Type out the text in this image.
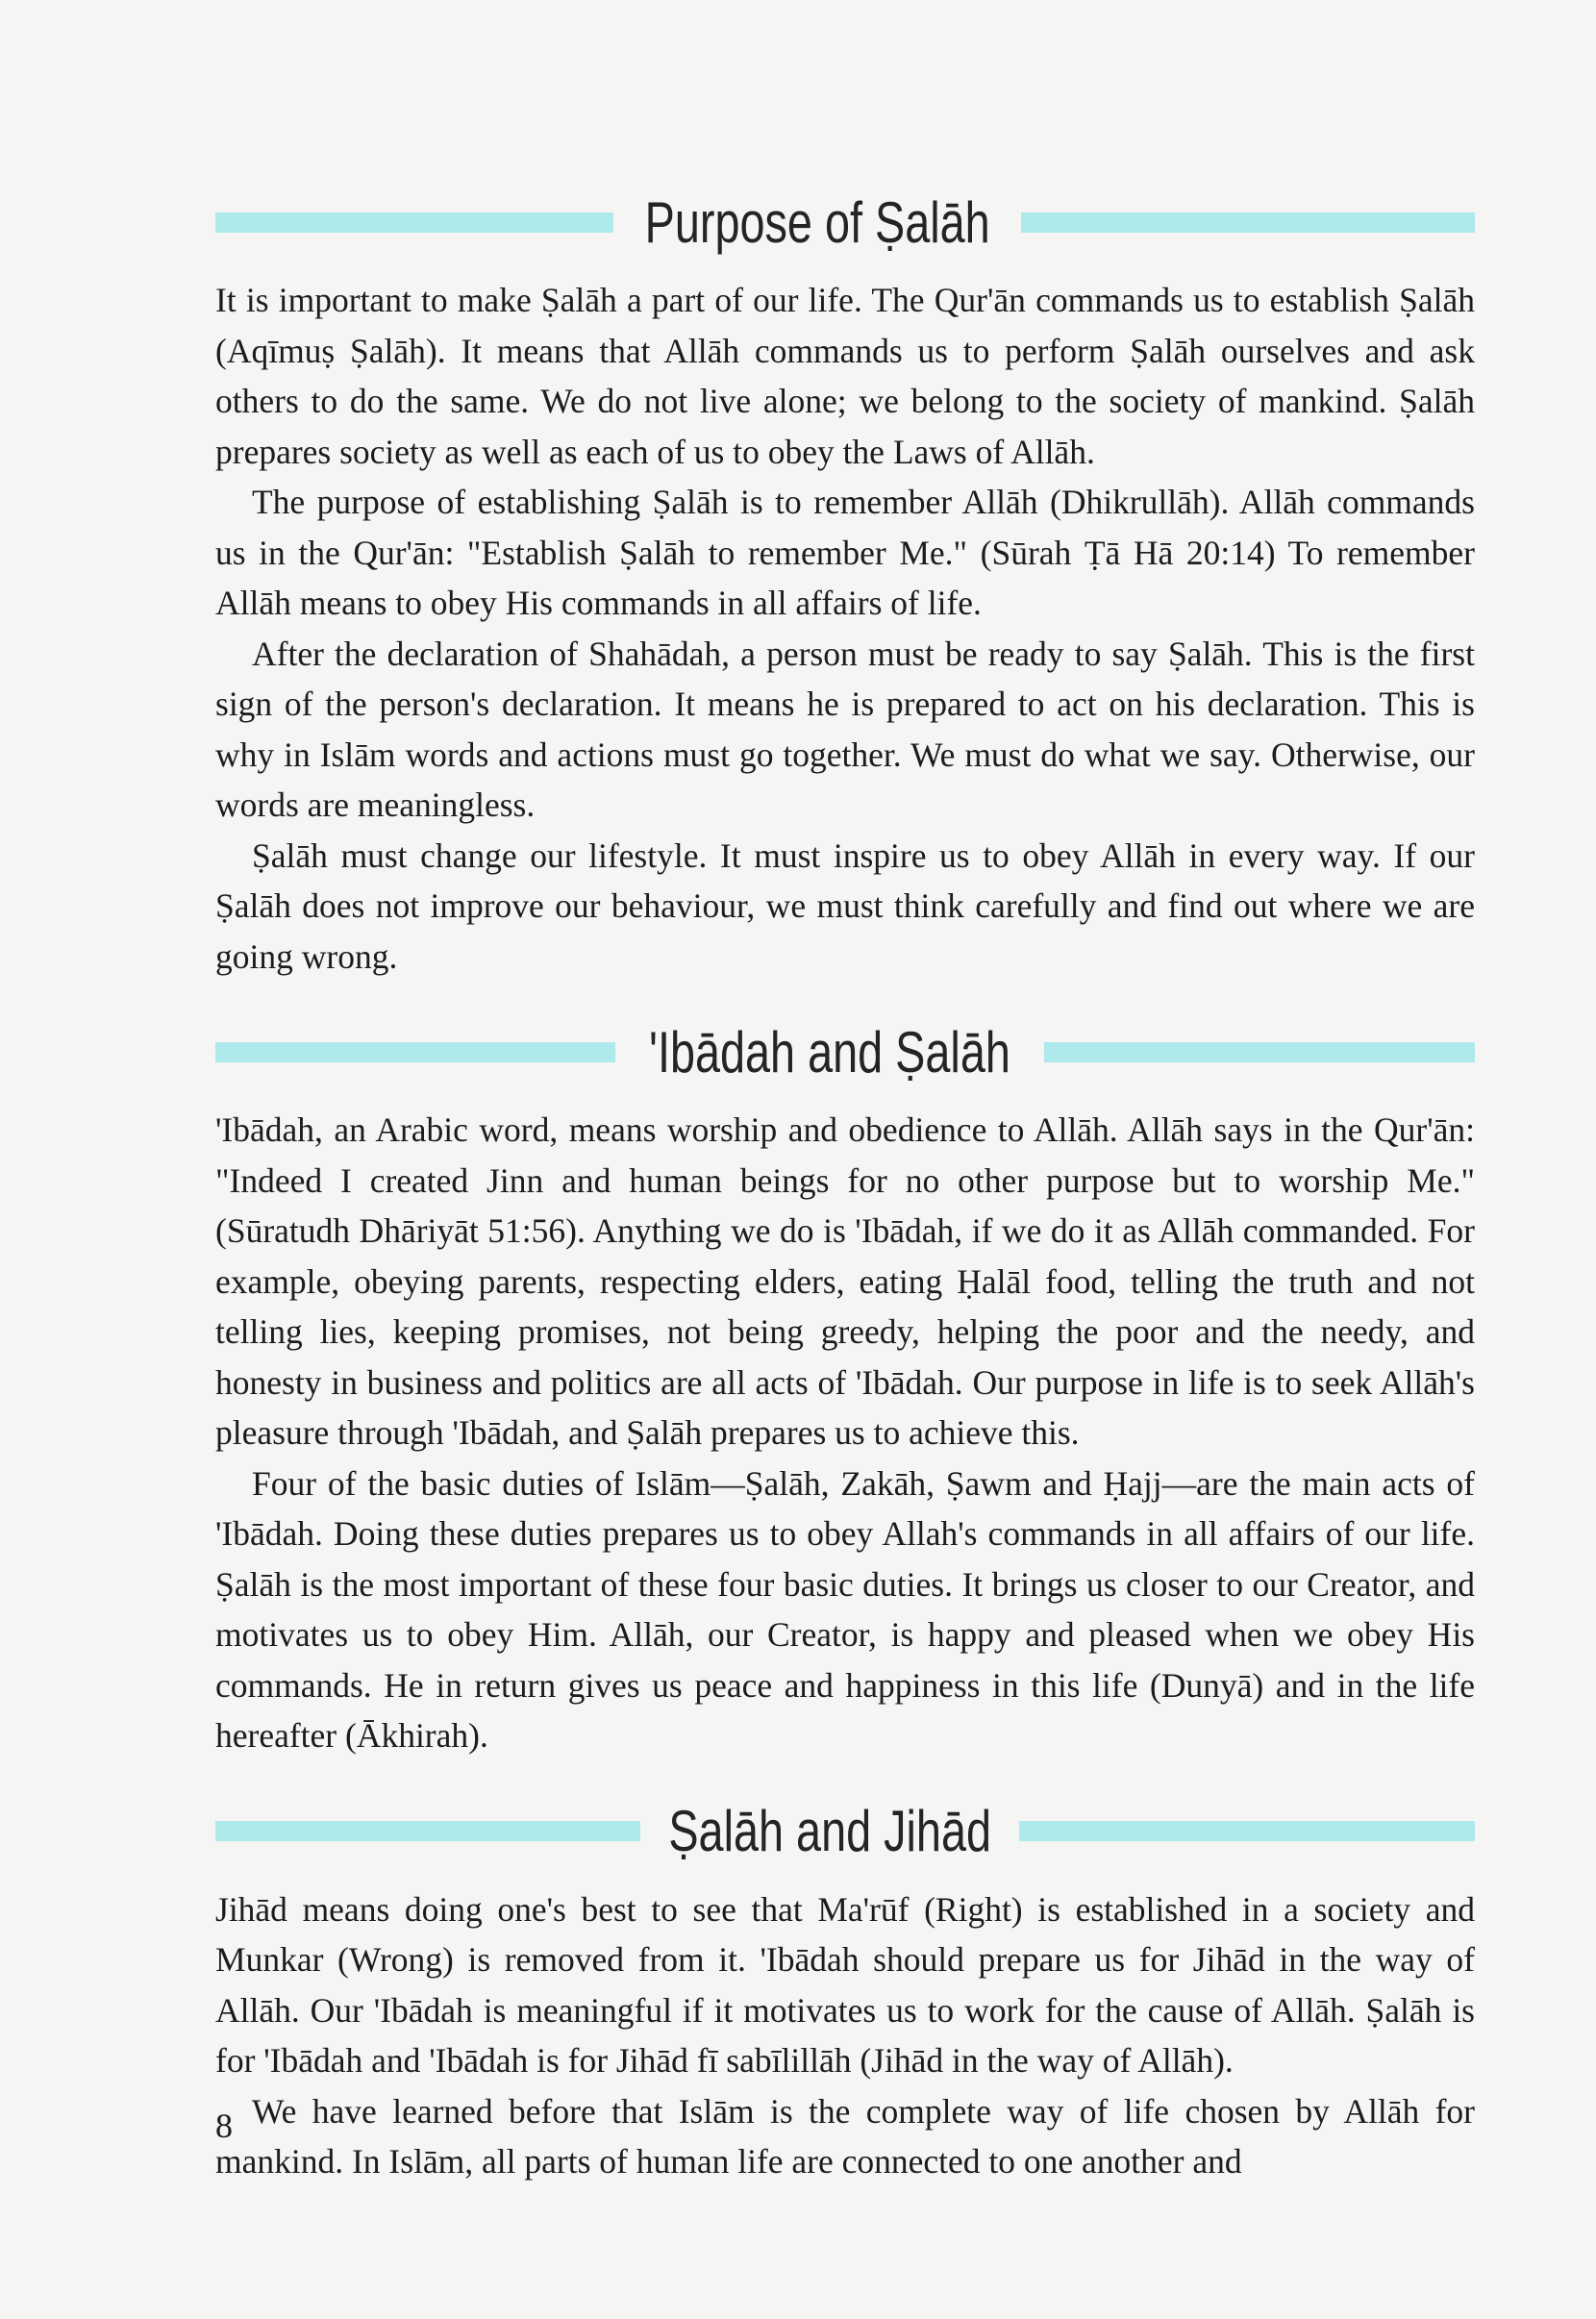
Purpose of Ṣalāh

It is important to make Ṣalāh a part of our life. The Qur'ān commands us to establish Ṣalāh (Aqīmuṣ Ṣalāh). It means that Allāh commands us to perform Ṣalāh ourselves and ask others to do the same. We do not live alone; we belong to the society of mankind. Ṣalāh prepares society as well as each of us to obey the Laws of Allāh.

The purpose of establishing Ṣalāh is to remember Allāh (Dhikrullāh). Allāh commands us in the Qur'ān: "Establish Ṣalāh to remember Me." (Sūrah Ṭā Hā 20:14) To remember Allāh means to obey His commands in all affairs of life.

After the declaration of Shahādah, a person must be ready to say Ṣalāh. This is the first sign of the person's declaration. It means he is prepared to act on his declaration. This is why in Islām words and actions must go together. We must do what we say. Otherwise, our words are meaningless.

Ṣalāh must change our lifestyle. It must inspire us to obey Allāh in every way. If our Ṣalāh does not improve our behaviour, we must think carefully and find out where we are going wrong.

'Ibādah and Ṣalāh

'Ibādah, an Arabic word, means worship and obedience to Allāh. Allāh says in the Qur'ān: "Indeed I created Jinn and human beings for no other purpose but to worship Me." (Sūratudh Dhāriyāt 51:56). Anything we do is 'Ibādah, if we do it as Allāh commanded. For example, obeying parents, respecting elders, eating Ḥalāl food, telling the truth and not telling lies, keeping promises, not being greedy, helping the poor and the needy, and honesty in business and politics are all acts of 'Ibādah. Our purpose in life is to seek Allāh's pleasure through 'Ibādah, and Ṣalāh prepares us to achieve this.

Four of the basic duties of Islām—Ṣalāh, Zakāh, Ṣawm and Ḥajj—are the main acts of 'Ibādah. Doing these duties prepares us to obey Allah's commands in all affairs of our life. Ṣalāh is the most important of these four basic duties. It brings us closer to our Creator, and motivates us to obey Him. Allāh, our Creator, is happy and pleased when we obey His commands. He in return gives us peace and happiness in this life (Dunyā) and in the life hereafter (Ākhirah).

Ṣalāh and Jihād

Jihād means doing one's best to see that Ma'rūf (Right) is established in a society and Munkar (Wrong) is removed from it. 'Ibādah should prepare us for Jihād in the way of Allāh. Our 'Ibādah is meaningful if it motivates us to work for the cause of Allāh. Ṣalāh is for 'Ibādah and 'Ibādah is for Jihād fī sabīlillāh (Jihād in the way of Allāh).

We have learned before that Islām is the complete way of life chosen by Allāh for mankind. In Islām, all parts of human life are connected to one another and

8
